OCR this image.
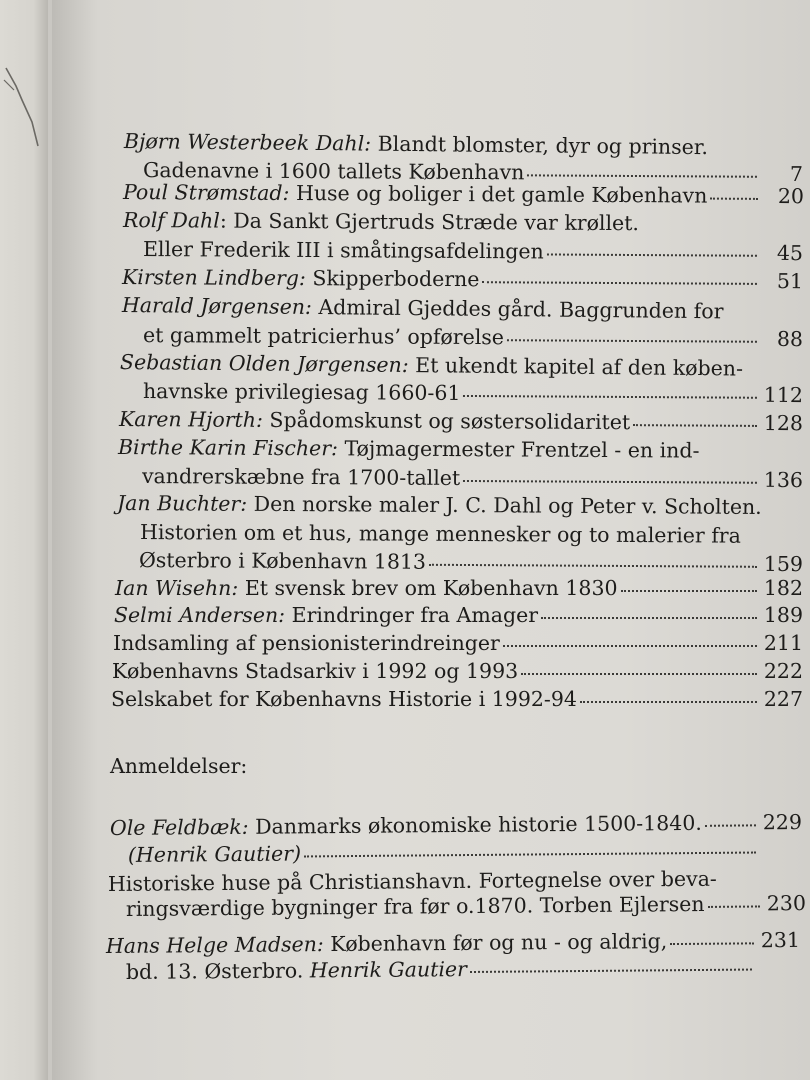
Bjørn Westerbeek Dahl: Blandt blomster, dyr og prinser.
Gadenavne i 1600 tallets København	7
Poul Strømstad: Huse og boliger i det gamle København	20
Rolf Dahl: Da Sankt Gjertruds Stræde var krøllet.
Eller Frederik III i småtingsafdelingen	45
Kirsten Lindberg: Skipperboderne	51
Harald Jørgensen: Admiral Gjeddes gård. Baggrunden for
et gammelt patricierhus’ opførelse	88
Sebastian Olden Jørgensen: Et ukendt kapitel af den køben-
havnske privilegiesag 1660-61	112
Karen Hjorth: Spådomskunst og søstersolidaritet	128
Birthe Karin Fischer: Tøjmagermester Frentzel - en ind-
vandrerskæbne fra 1700-tallet	136
Jan Buchter: Den norske maler J. C. Dahl og Peter v. Scholten.
Historien om et hus, mange mennesker og to malerier fra
Østerbro i København 1813	159
Ian Wisehn: Et svensk brev om København 1830	182
Selmi Andersen: Erindringer fra Amager	189
Indsamling af pensionisterindreinger	211
Københavns Stadsarkiv i 1992 og 1993	222
Selskabet for Københavns Historie i 1992-94	227
Anmeldelser:
Ole Feldbæk: Danmarks økonomiske historie 1500-1840.	229
(Henrik Gautier)
Historiske huse på Christianshavn. Fortegnelse over beva-
ringsværdige bygninger fra før o.1870. Torben Ejlersen	230
Hans Helge Madsen: København før og nu - og aldrig,	231
bd. 13. Østerbro. Henrik Gautier
